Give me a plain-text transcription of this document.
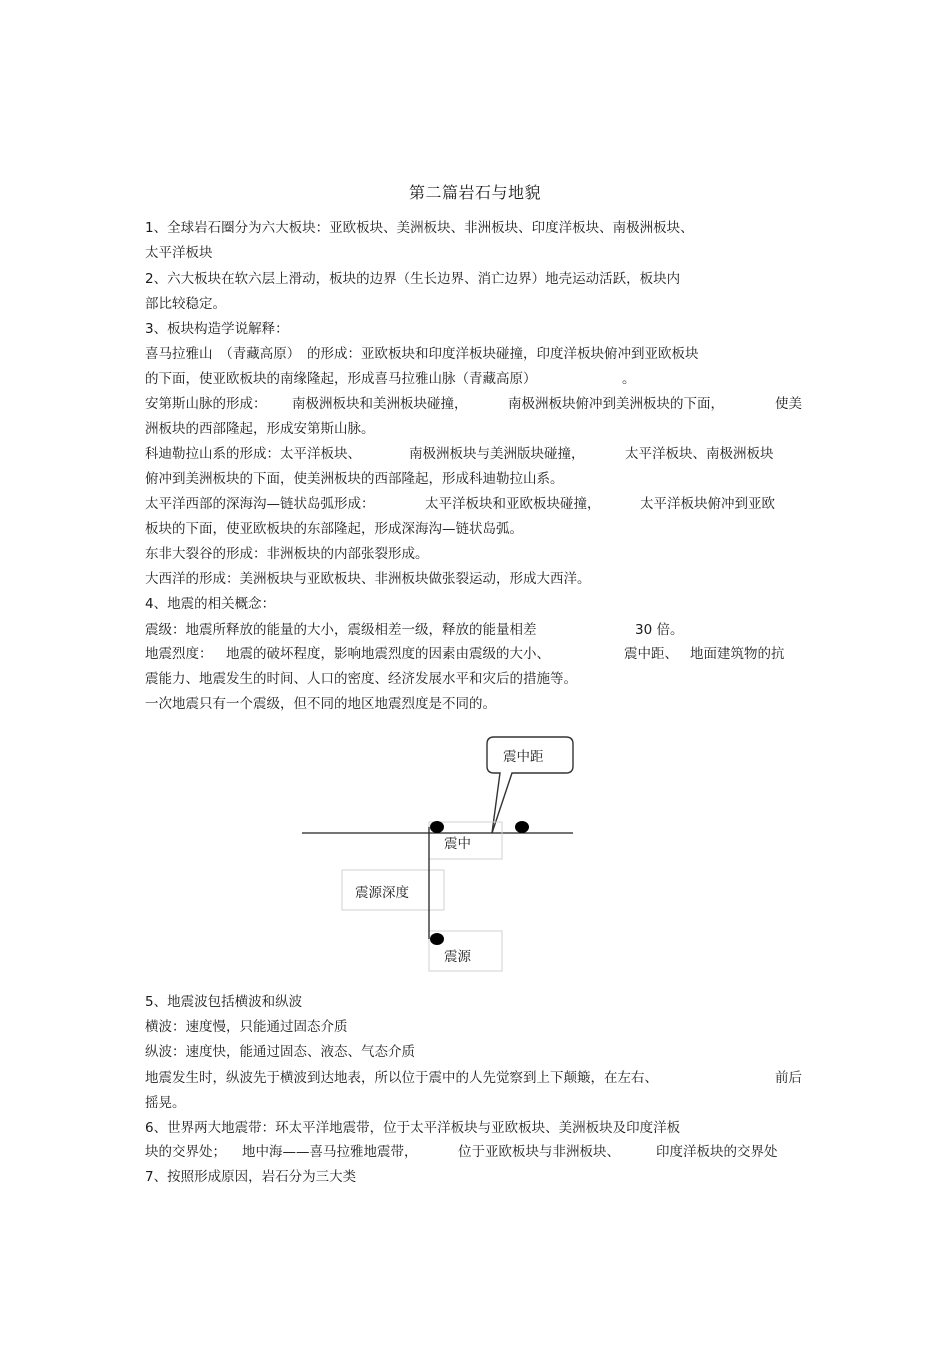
第二篇岩石与地貌
1、全球岩石圈分为六大板块：亚欧板块、美洲板块、非洲板块、印度洋板块、南极洲板块、
太平洋板块
2、六大板块在软六层上滑动，板块的边界（生长边界、消亡边界）地壳运动活跃，板块内
部比较稳定。
3、板块构造学说解释：
喜马拉雅山　（青藏高原）　的形成：亚欧板块和印度洋板块碰撞，印度洋板块俯冲到亚欧板块
的下面，使亚欧板块的南缘隆起，形成喜马拉雅山脉（青藏高原）	。
安第斯山脉的形成： 南极洲板块和美洲板块碰撞，	南极洲板块俯冲到美洲板块的下面，	使美
洲板块的西部隆起，形成安第斯山脉。
科迪勒拉山系的形成：太平洋板块、	南极洲板块与美洲版块碰撞，	太平洋板块、南极洲板块
俯冲到美洲板块的下面，使美洲板块的西部隆起，形成科迪勒拉山系。
太平洋西部的深海沟—链状岛弧形成：	太平洋板块和亚欧板块碰撞，	太平洋板块俯冲到亚欧
板块的下面，使亚欧板块的东部隆起，形成深海沟—链状岛弧。
东非大裂谷的形成：非洲板块的内部张裂形成。
大西洋的形成：美洲板块与亚欧板块、非洲板块做张裂运动，形成大西洋。
4、地震的相关概念：
震级：地震所释放的能量的大小，震级相差一级，释放的能量相差	30 倍。
地震烈度： 地震的破坏程度，影响地震烈度的因素由震级的大小、	震中距、 地面建筑物的抗
震能力、地震发生的时间、人口的密度、经济发展水平和灾后的措施等。
一次地震只有一个震级，但不同的地区地震烈度是不同的。
震中距
震中
震源深度
震源
5、地震波包括横波和纵波
横波：速度慢，只能通过固态介质
纵波：速度快，能通过固态、液态、气态介质
地震发生时，纵波先于横波到达地表，所以位于震中的人先觉察到上下颠簸，在左右、	前后
摇晃。
6、世界两大地震带：环太平洋地震带，位于太平洋板块与亚欧板块、美洲板块及印度洋板
块的交界处； 地中海——喜马拉雅地震带，	位于亚欧板块与非洲板块、	印度洋板块的交界处
7、按照形成原因，岩石分为三大类
